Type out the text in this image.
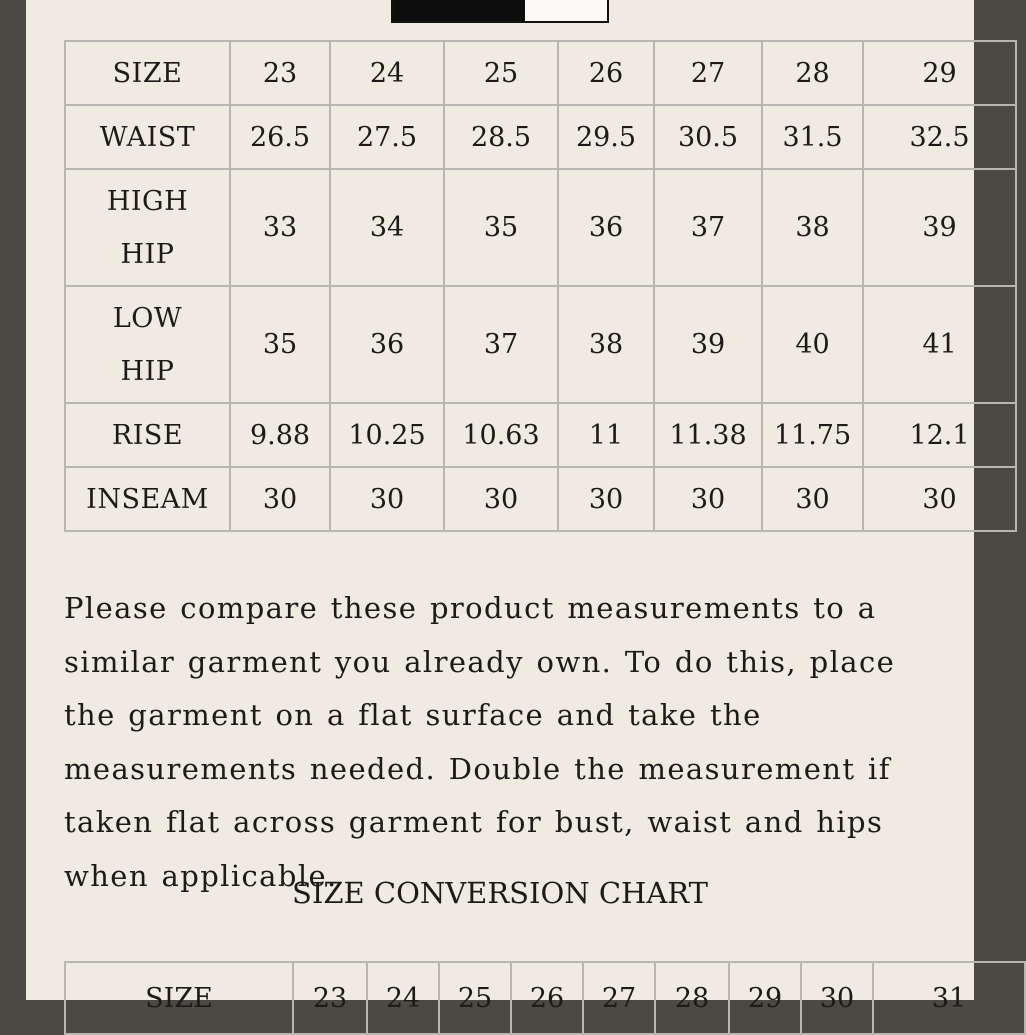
SIZE	23	24	25	26	27	28	29

WAIST	26.5	27.5	28.5	29.5	30.5	31.5	32.5

HIGH
HIP	33	34	35	36	37	38	39

LOW
HIP	35	36	37	38	39	40	41

RISE	9.88	10.25	10.63	11	11.38	11.75	12.1

INSEAM	30	30	30	30	30	30	30

Please compare these product measurements to a similar garment you already own. To do this, place the garment on a flat surface and take the measurements needed. Double the measurement if taken flat across garment for bust, waist and hips when applicable.

SIZE CONVERSION CHART

SIZE	23	24	25	26	27	28	29	30	31
